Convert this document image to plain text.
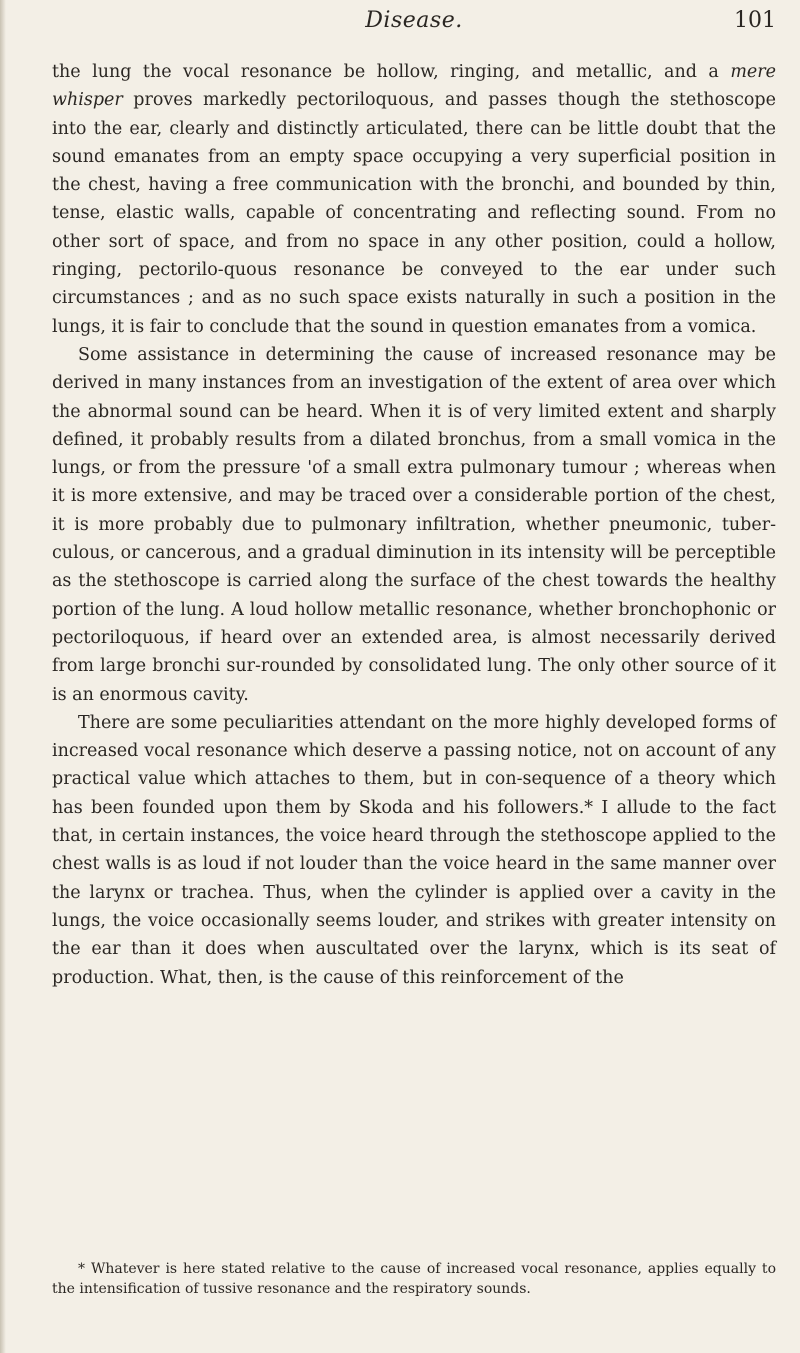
Disease.	101

the lung the vocal resonance be hollow, ringing, and metallic, and a mere whisper proves markedly pectoriloquous, and passes though the stethoscope into the ear, clearly and distinctly articulated, there can be little doubt that the sound emanates from an empty space occupying a very superficial position in the chest, having a free communication with the bronchi, and bounded by thin, tense, elastic walls, capable of concentrating and reflecting sound. From no other sort of space, and from no space in any other position, could a hollow, ringing, pectorilo-quous resonance be conveyed to the ear under such circumstances ; and as no such space exists naturally in such a position in the lungs, it is fair to conclude that the sound in question emanates from a vomica.

Some assistance in determining the cause of increased resonance may be derived in many instances from an investigation of the extent of area over which the abnormal sound can be heard. When it is of very limited extent and sharply defined, it probably results from a dilated bronchus, from a small vomica in the lungs, or from the pressure 'of a small extra pulmonary tumour ; whereas when it is more extensive, and may be traced over a considerable portion of the chest, it is more probably due to pulmonary infiltration, whether pneumonic, tuber-culous, or cancerous, and a gradual diminution in its intensity will be perceptible as the stethoscope is carried along the surface of the chest towards the healthy portion of the lung. A loud hollow metallic resonance, whether bronchophonic or pectoriloquous, if heard over an extended area, is almost necessarily derived from large bronchi sur-rounded by consolidated lung. The only other source of it is an enormous cavity.

There are some peculiarities attendant on the more highly developed forms of increased vocal resonance which deserve a passing notice, not on account of any practical value which attaches to them, but in con-sequence of a theory which has been founded upon them by Skoda and his followers.* I allude to the fact that, in certain instances, the voice heard through the stethoscope applied to the chest walls is as loud if not louder than the voice heard in the same manner over the larynx or trachea. Thus, when the cylinder is applied over a cavity in the lungs, the voice occasionally seems louder, and strikes with greater intensity on the ear than it does when auscultated over the larynx, which is its seat of production. What, then, is the cause of this reinforcement of the

* Whatever is here stated relative to the cause of increased vocal resonance, applies equally to the intensification of tussive resonance and the respiratory sounds.
